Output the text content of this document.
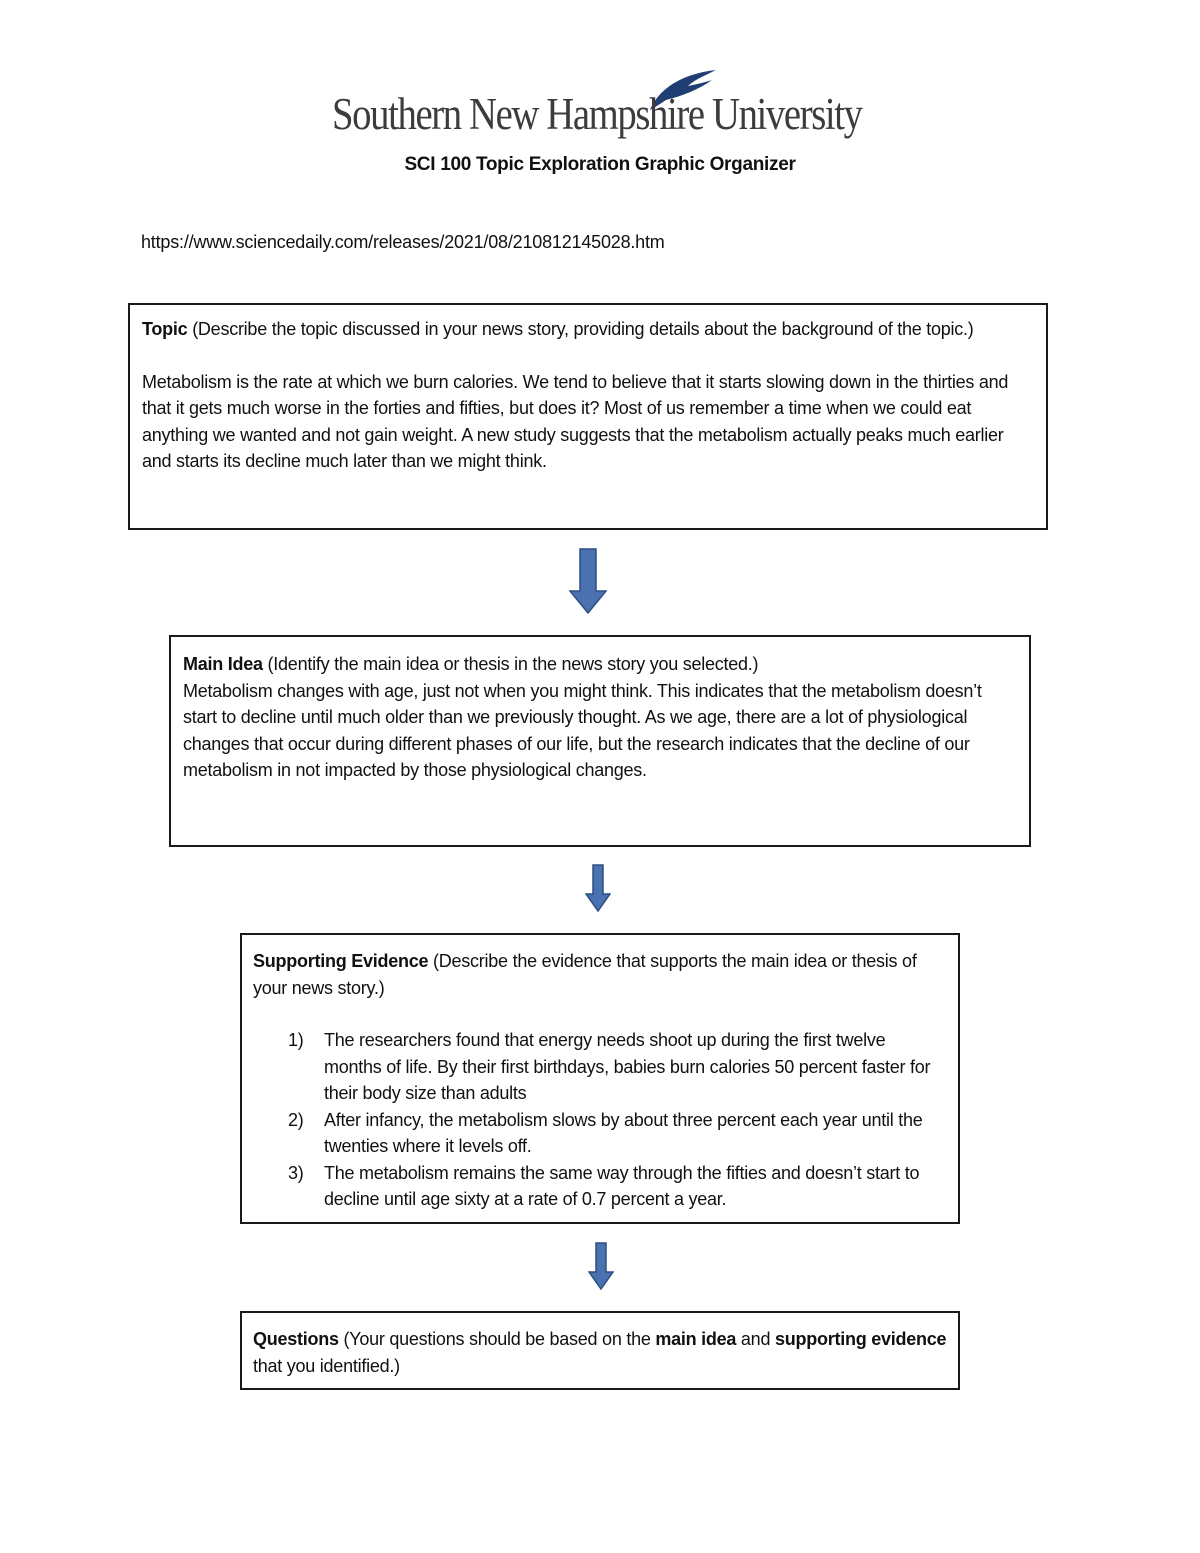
Southern New Hampshire University
SCI 100 Topic Exploration Graphic Organizer
https://www.sciencedaily.com/releases/2021/08/210812145028.htm

Topic (Describe the topic discussed in your news story, providing details about the background of the topic.)

Metabolism is the rate at which we burn calories. We tend to believe that it starts slowing down in the thirties and that it gets much worse in the forties and fifties, but does it? Most of us remember a time when we could eat anything we wanted and not gain weight. A new study suggests that the metabolism actually peaks much earlier and starts its decline much later than we might think.

Main Idea (Identify the main idea or thesis in the news story you selected.)

Metabolism changes with age, just not when you might think. This indicates that the metabolism doesn’t start to decline until much older than we previously thought. As we age, there are a lot of physiological changes that occur during different phases of our life, but the research indicates that the decline of our metabolism in not impacted by those physiological changes.

Supporting Evidence (Describe the evidence that supports the main idea or thesis of your news story.)

1) The researchers found that energy needs shoot up during the first twelve months of life. By their first birthdays, babies burn calories 50 percent faster for their body size than adults
2) After infancy, the metabolism slows by about three percent each year until the twenties where it levels off.
3) The metabolism remains the same way through the fifties and doesn’t start to decline until age sixty at a rate of 0.7 percent a year.

Questions (Your questions should be based on the main idea and supporting evidence that you identified.)
